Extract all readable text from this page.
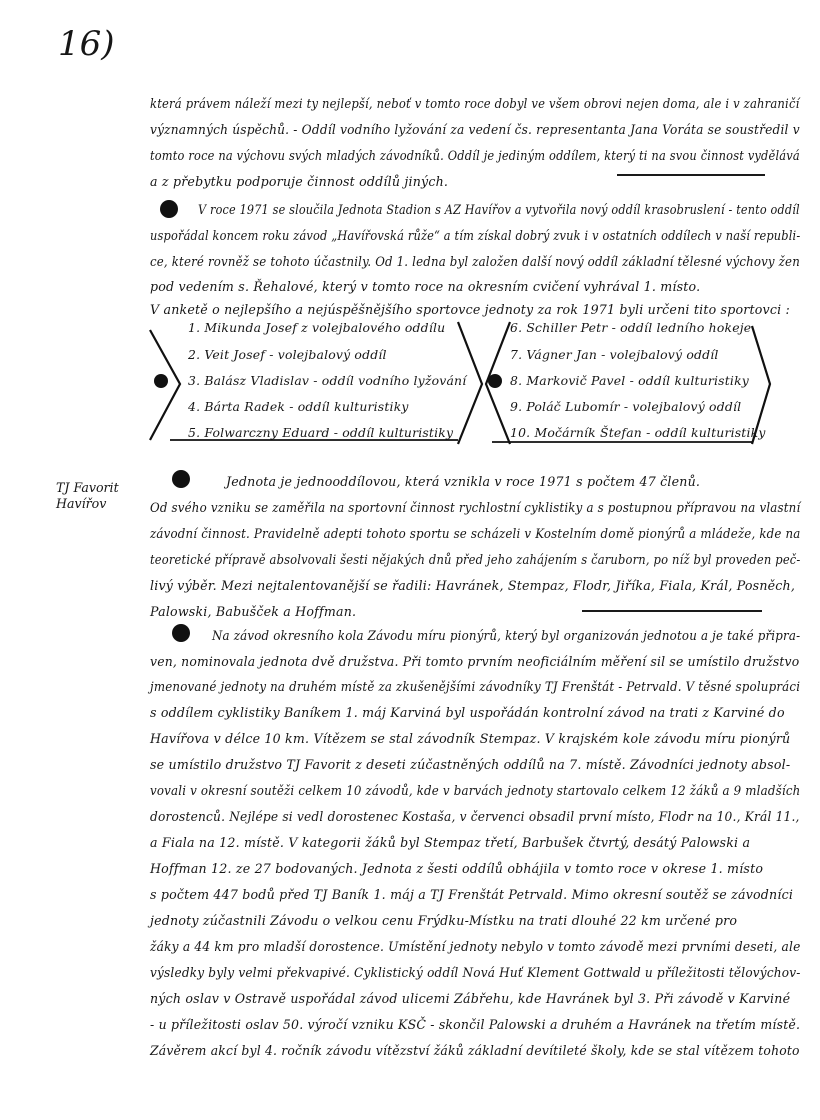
16)
TJ Favorit
Havířov
která právem náleží mezi ty nejlepší, neboť v tomto roce dobyl ve všem obrovi nejen doma, ale i v zahraničí
významných úspěchů. - Oddíl vodního lyžování za vedení čs. representanta Jana Voráta se soustředil v
tomto roce na výchovu svých mladých závodníků. Oddíl je jediným oddílem, který ti na svou činnost vydělává
a z přebytku podporuje činnost oddílů jiných.
V roce 1971 se sloučila Jednota Stadion s AZ Havířov a vytvořila nový oddíl krasobruslení - tento oddíl
uspořádal koncem roku závod „Havířovská růže“ a tím získal dobrý zvuk i v ostatních oddílech v naší republi-
ce, které rovněž se tohoto účastnily. Od 1. ledna byl založen další nový oddíl základní tělesné výchovy žen
pod vedením s. Řehalové, který v tomto roce na okresním cvičení vyhrával 1. místo.
V anketě o nejlepšího a nejúspěšnějšího sportovce jednoty za rok 1971 byli určeni tito sportovci :
1. Mikunda Josef z volejbalového oddílu
2. Veit Josef - volejbalový oddíl
3. Balász Vladislav - oddíl vodního lyžování
4. Bárta Radek - oddíl kulturistiky
5. Folwarczny Eduard - oddíl kulturistiky
6. Schiller Petr - oddíl ledního hokeje
7. Vágner Jan - volejbalový oddíl
8. Markovič Pavel - oddíl kulturistiky
9. Poláč Lubomír - volejbalový oddíl
10. Močárník Štefan - oddíl kulturistiky
Jednota je jednooddílovou, která vznikla v roce 1971 s počtem 47 členů.
Od svého vzniku se zaměřila na sportovní činnost rychlostní cyklistiky a s postupnou přípravou na vlastní
závodní činnost. Pravidelně adepti tohoto sportu se scházeli v Kostelním domě pionýrů a mládeže, kde na
teoretické přípravě absolvovali šesti nějakých dnů před jeho zahájením s čaruborn, po níž byl proveden peč-
livý výběr. Mezi nejtalentovanější se řadili: Havránek, Stempaz, Flodr, Jiříka, Fiala, Král, Posněch,
Palowski, Babušček a Hoffman.
Na závod okresního kola Závodu míru pionýrů, který byl organizován jednotou a je také připra-
ven, nominovala jednota dvě družstva. Při tomto prvním neoficiálním měření sil se umístilo družstvo
jmenované jednoty na druhém místě za zkušenějšími závodníky TJ Frenštát - Petrvald. V těsné spolupráci
s oddílem cyklistiky Baníkem 1. máj Karviná byl uspořádán kontrolní závod na trati z Karviné do
Havířova v délce 10 km. Vítězem se stal závodník Stempaz. V krajském kole závodu míru pionýrů
se umístilo družstvo TJ Favorit z deseti zúčastněných oddílů na 7. místě. Závodníci jednoty absol-
vovali v okresní soutěži celkem 10 závodů, kde v barvách jednoty startovalo celkem 12 žáků a 9 mladších
dorostenců. Nejlépe si vedl dorostenec Kostaša, v červenci obsadil první místo, Flodr na 10., Král 11.,
a Fiala na 12. místě. V kategorii žáků byl Stempaz třetí, Barbušek čtvrtý, desátý Palowski a
Hoffman 12. ze 27 bodovaných. Jednota z šesti oddílů obhájila v tomto roce v okrese 1. místo
s počtem 447 bodů před TJ Baník 1. máj a TJ Frenštát Petrvald. Mimo okresní soutěž se závodníci
jednoty zúčastnili Závodu o velkou cenu Frýdku-Místku na trati dlouhé 22 km určené pro
žáky a 44 km pro mladší dorostence. Umístění jednoty nebylo v tomto závodě mezi prvními deseti, ale
výsledky byly velmi překvapivé. Cyklistický oddíl Nová Huť Klement Gottwald u příležitosti tělovýchov-
ných oslav v Ostravě uspořádal závod ulicemi Zábřehu, kde Havránek byl 3. Při závodě v Karviné
- u příležitosti oslav 50. výročí vzniku KSČ - skončil Palowski a druhém a Havránek na třetím místě.
Závěrem akcí byl 4. ročník závodu vítězství žáků základní devítileté školy, kde se stal vítězem tohoto
